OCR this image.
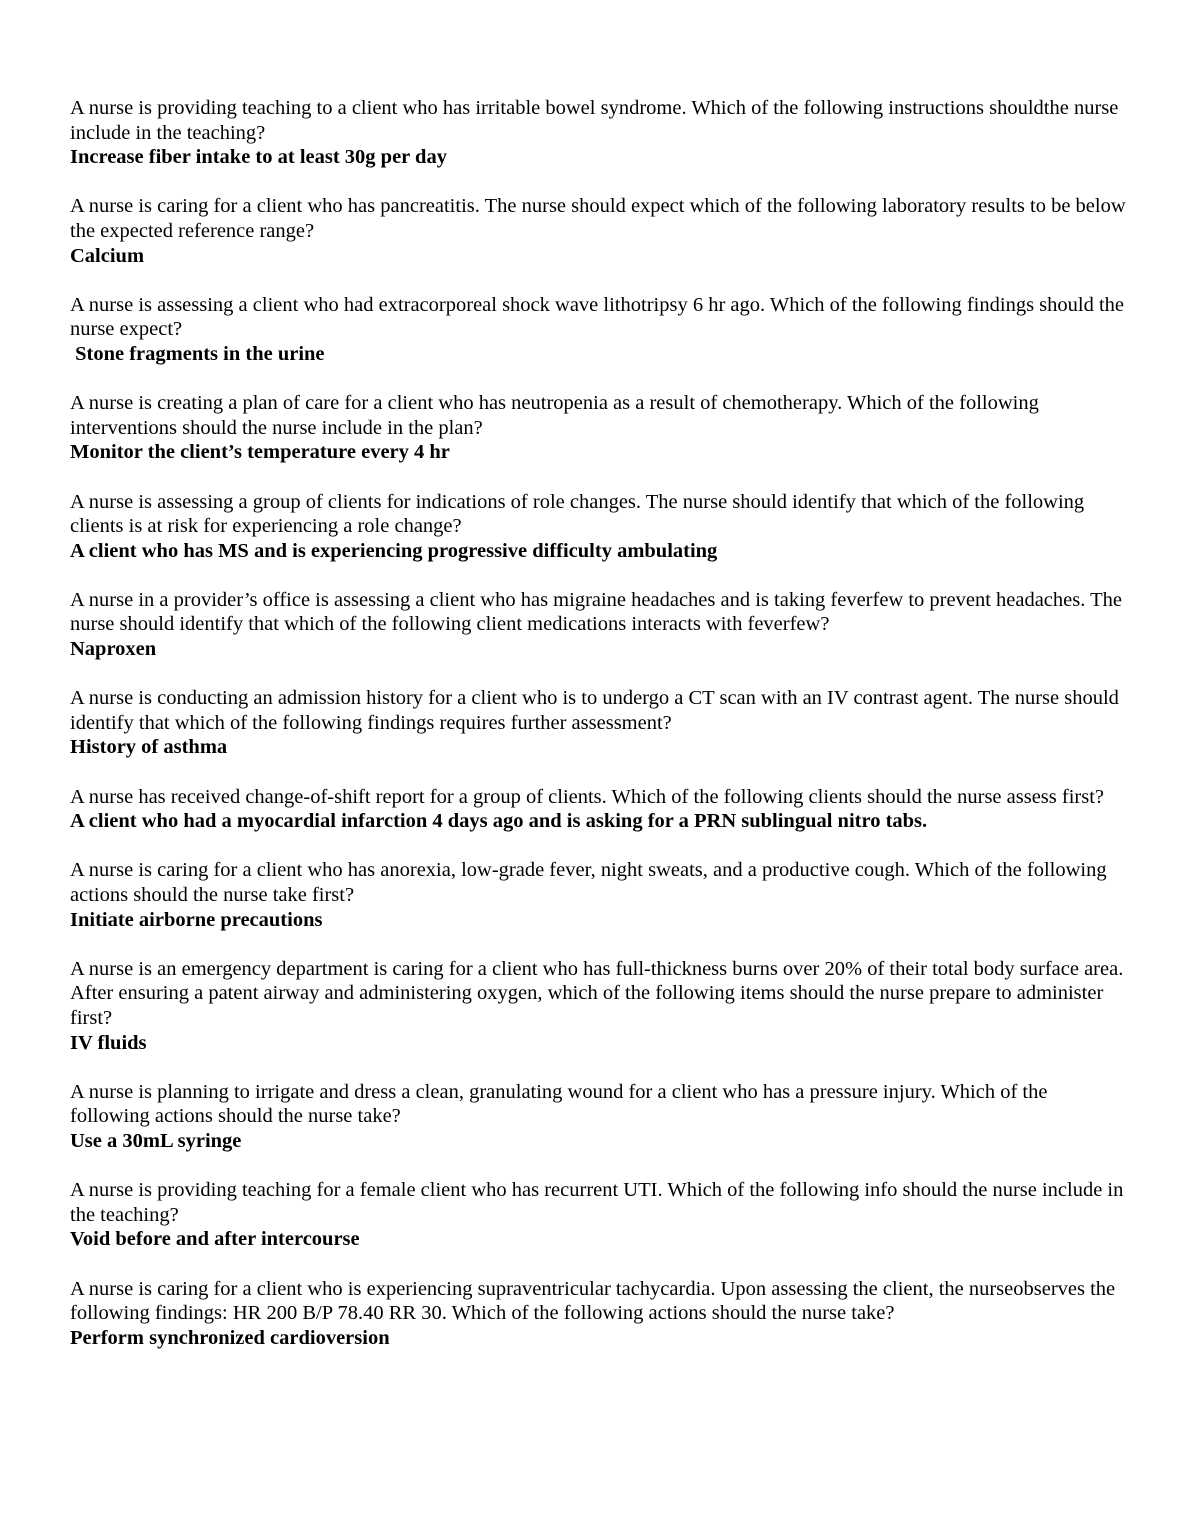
A nurse is providing teaching to a client who has irritable bowel syndrome. Which of the following instructions shouldthe nurse include in the teaching?

Increase fiber intake to at least 30g per day

A nurse is caring for a client who has pancreatitis. The nurse should expect which of the following laboratory results to be below the expected reference range?

Calcium

A nurse is assessing a client who had extracorporeal shock wave lithotripsy 6 hr ago. Which of the following findings should the nurse expect?

Stone fragments in the urine

A nurse is creating a plan of care for a client who has neutropenia as a result of chemotherapy. Which of the following interventions should the nurse include in the plan?

Monitor the client’s temperature every 4 hr

A nurse is assessing a group of clients for indications of role changes. The nurse should identify that which of the following clients is at risk for experiencing a role change?

A client who has MS and is experiencing progressive difficulty ambulating

A nurse in a provider’s office is assessing a client who has migraine headaches and is taking feverfew to prevent headaches. The nurse should identify that which of the following client medications interacts with feverfew?

Naproxen

A nurse is conducting an admission history for a client who is to undergo a CT scan with an IV contrast agent. The nurse should identify that which of the following findings requires further assessment?

History of asthma

A nurse has received change-of-shift report for a group of clients. Which of the following clients should the nurse assess first?

A client who had a myocardial infarction 4 days ago and is asking for a PRN sublingual nitro tabs.

A nurse is caring for a client who has anorexia, low-grade fever, night sweats, and a productive cough. Which of the following actions should the nurse take first?

Initiate airborne precautions

A nurse is an emergency department is caring for a client who has full-thickness burns over 20% of their total body surface area. After ensuring a patent airway and administering oxygen, which of the following items should the nurse prepare to administer first?

IV fluids

A nurse is planning to irrigate and dress a clean, granulating wound for a client who has a pressure injury. Which of the following actions should the nurse take?

Use a 30mL syringe

A nurse is providing teaching for a female client who has recurrent UTI. Which of the following info should the nurse include in the teaching?

Void before and after intercourse

A nurse is caring for a client who is experiencing supraventricular tachycardia. Upon assessing the client, the nurseobserves the following findings: HR 200 B/P 78.40 RR 30. Which of the following actions should the nurse take?

Perform synchronized cardioversion
